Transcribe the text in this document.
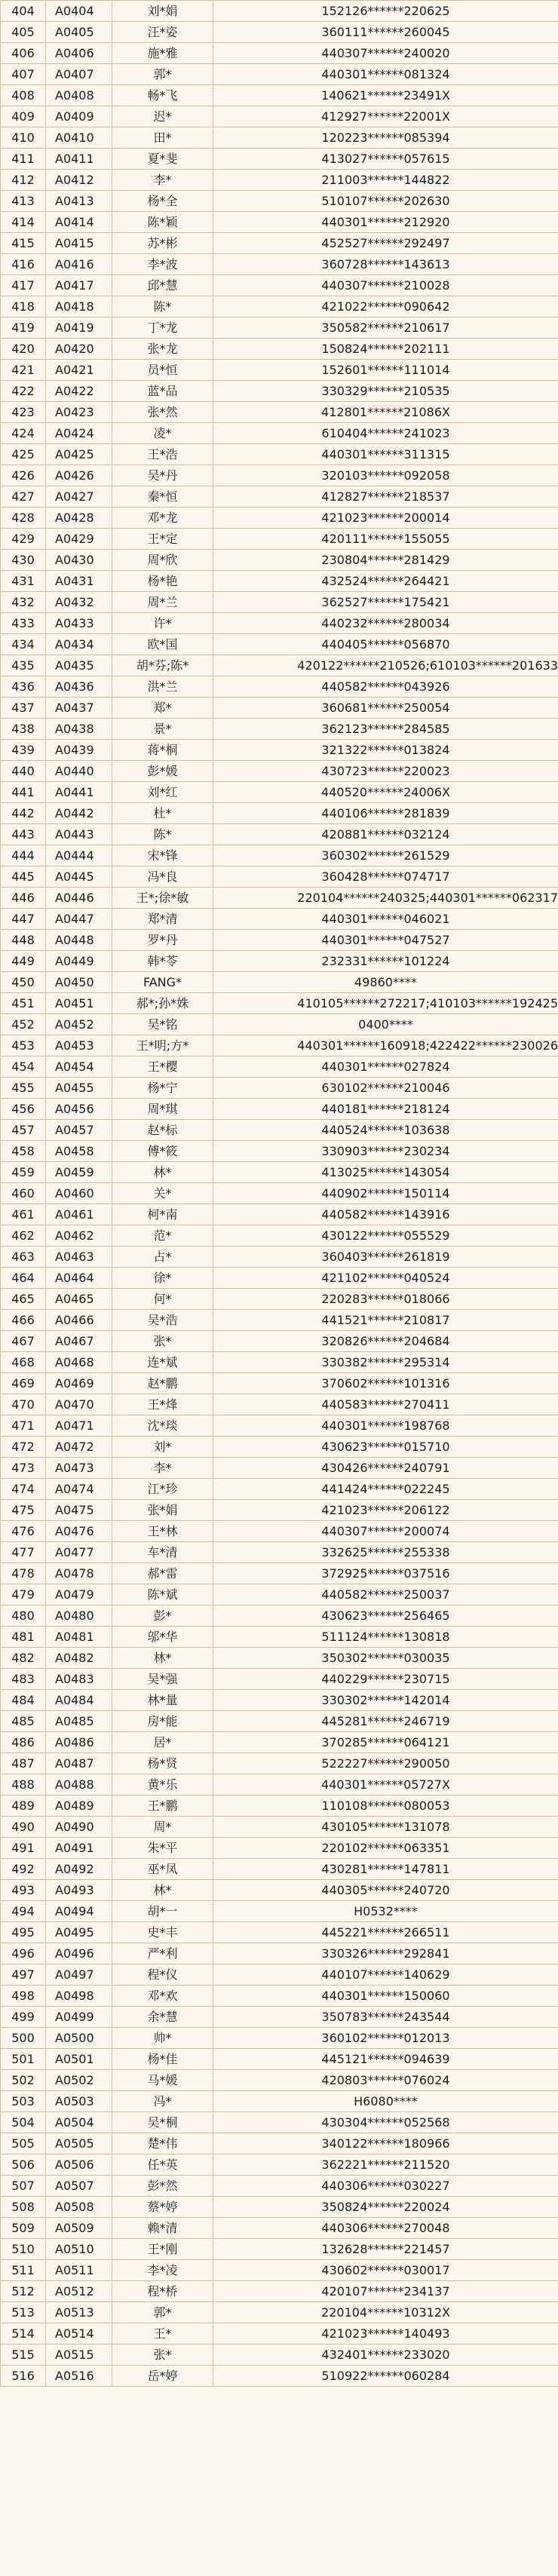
404	A0404	刘*娟	152126******220625
405	A0405	汪*姿	360111******260045
406	A0406	施*雅	440307******240020
407	A0407	郭*	440301******081324
408	A0408	畅*飞	140621******23491X
409	A0409	迟*	412927******22001X
410	A0410	田*	120223******085394
411	A0411	夏*斐	413027******057615
412	A0412	李*	211003******144822
413	A0413	杨*全	510107******202630
414	A0414	陈*颖	440301******212920
415	A0415	苏*彬	452527******292497
416	A0416	李*波	360728******143613
417	A0417	邱*慧	440307******210028
418	A0418	陈*	421022******090642
419	A0419	丁*龙	350582******210617
420	A0420	张*龙	150824******202111
421	A0421	员*恒	152601******111014
422	A0422	蓝*品	330329******210535
423	A0423	张*然	412801******21086X
424	A0424	凌*	610404******241023
425	A0425	王*浩	440301******311315
426	A0426	吴*丹	320103******092058
427	A0427	秦*恒	412827******218537
428	A0428	邓*龙	421023******200014
429	A0429	王*定	420111******155055
430	A0430	周*欣	230804******281429
431	A0431	杨*艳	432524******264421
432	A0432	周*兰	362527******175421
433	A0433	许*	440232******280034
434	A0434	欧*国	440405******056870
435	A0435	胡*芬;陈*	420122******210526;610103******201633
436	A0436	洪*兰	440582******043926
437	A0437	郑*	360681******250054
438	A0438	景*	362123******284585
439	A0439	蒋*桐	321322******013824
440	A0440	彭*媛	430723******220023
441	A0441	刘*红	440520******24006X
442	A0442	杜*	440106******281839
443	A0443	陈*	420881******032124
444	A0444	宋*锋	360302******261529
445	A0445	冯*良	360428******074717
446	A0446	王*;徐*敏	220104******240325;440301******062317
447	A0447	郑*清	440301******046021
448	A0448	罗*丹	440301******047527
449	A0449	韩*苓	232331******101224
450	A0450	FANG*	49860****
451	A0451	郝*;孙*姝	410105******272217;410103******192425
452	A0452	吴*铭	0400****
453	A0453	王*明;方*	440301******160918;422422******230026
454	A0454	王*樱	440301******027824
455	A0455	杨*宁	630102******210046
456	A0456	周*琪	440181******218124
457	A0457	赵*标	440524******103638
458	A0458	傅*筱	330903******230234
459	A0459	林*	413025******143054
460	A0460	关*	440902******150114
461	A0461	柯*南	440582******143916
462	A0462	范*	430122******055529
463	A0463	占*	360403******261819
464	A0464	徐*	421102******040524
465	A0465	何*	220283******018066
466	A0466	吴*浩	441521******210817
467	A0467	张*	320826******204684
468	A0468	连*斌	330382******295314
469	A0469	赵*鹏	370602******101316
470	A0470	王*烽	440583******270411
471	A0471	沈*琰	440301******198768
472	A0472	刘*	430623******015710
473	A0473	李*	430426******240791
474	A0474	江*珍	441424******022245
475	A0475	张*娟	421023******206122
476	A0476	王*林	440307******200074
477	A0477	车*清	332625******255338
478	A0478	郝*雷	372925******037516
479	A0479	陈*斌	440582******250037
480	A0480	彭*	430623******256465
481	A0481	邬*华	511124******130818
482	A0482	林*	350302******030035
483	A0483	吴*强	440229******230715
484	A0484	林*量	330302******142014
485	A0485	房*能	445281******246719
486	A0486	居*	370285******064121
487	A0487	杨*贤	522227******290050
488	A0488	黄*乐	440301******05727X
489	A0489	王*鹏	110108******080053
490	A0490	周*	430105******131078
491	A0491	朱*平	220102******063351
492	A0492	巫*凤	430281******147811
493	A0493	林*	440305******240720
494	A0494	胡*一	H0532****
495	A0495	史*丰	445221******266511
496	A0496	严*利	330326******292841
497	A0497	程*仪	440107******140629
498	A0498	邓*欢	440301******150060
499	A0499	余*慧	350783******243544
500	A0500	帅*	360102******012013
501	A0501	杨*佳	445121******094639
502	A0502	马*媛	420803******076024
503	A0503	冯*	H6080****
504	A0504	吴*桐	430304******052568
505	A0505	楚*伟	340122******180966
506	A0506	任*英	362221******211520
507	A0507	彭*然	440306******030227
508	A0508	蔡*婷	350824******220024
509	A0509	赖*清	440306******270048
510	A0510	王*刚	132628******221457
511	A0511	李*凌	430602******030017
512	A0512	程*桥	420107******234137
513	A0513	郭*	220104******10312X
514	A0514	王*	421023******140493
515	A0515	张*	432401******233020
516	A0516	岳*婷	510922******060284
